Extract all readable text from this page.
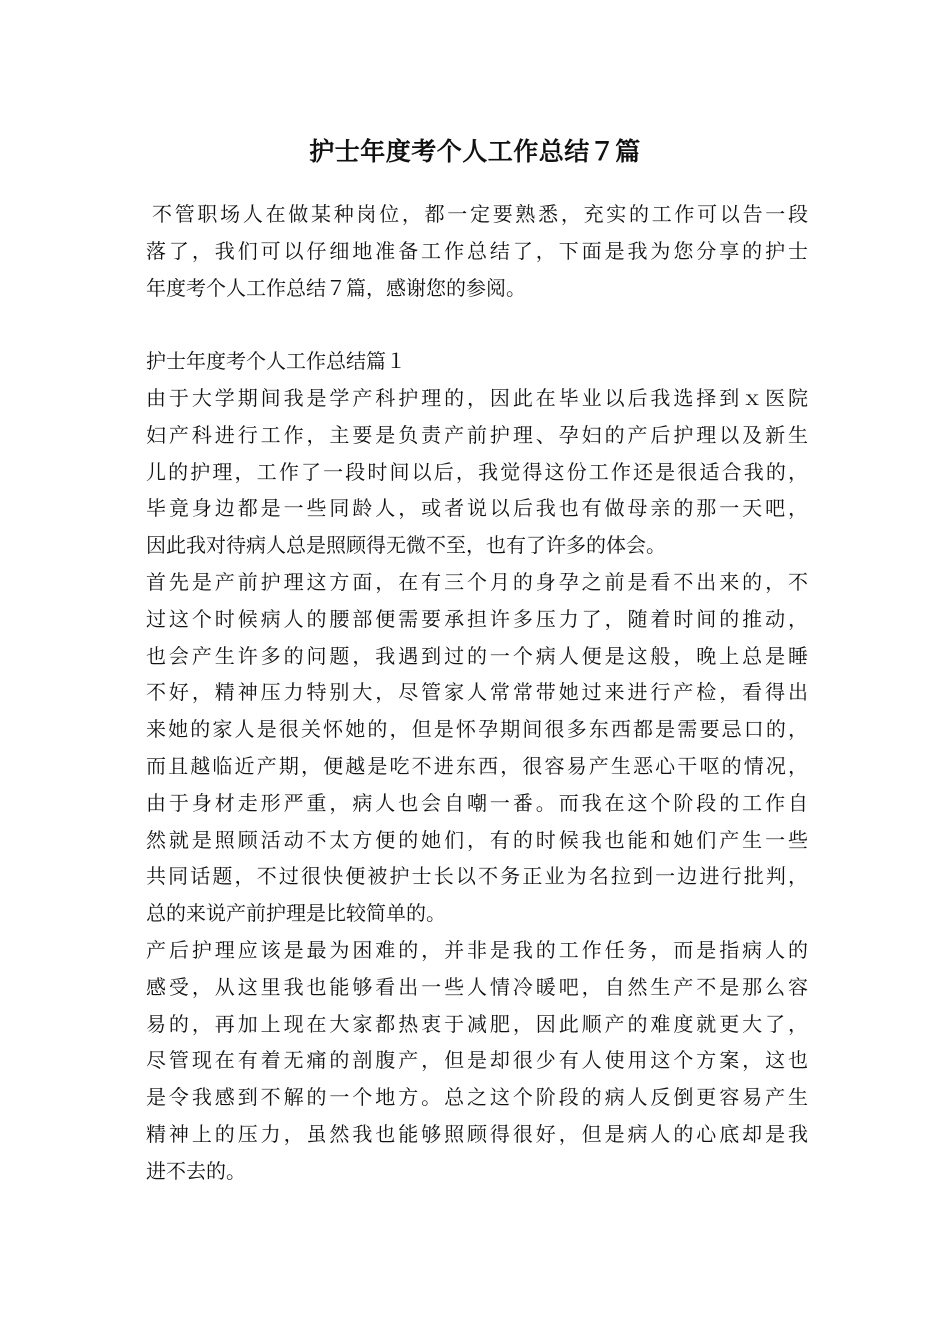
护士年度考个人工作总结７篇
不管职场人在做某种岗位，都一定要熟悉，充实的工作可以告一段
落了，我们可以仔细地准备工作总结了，下面是我为您分享的护士
年度考个人工作总结７篇，感谢您的参阅。
护士年度考个人工作总结篇１
由于大学期间我是学产科护理的，因此在毕业以后我选择到ｘ医院
妇产科进行工作，主要是负责产前护理、孕妇的产后护理以及新生
儿的护理，工作了一段时间以后，我觉得这份工作还是很适合我的，
毕竟身边都是一些同龄人，或者说以后我也有做母亲的那一天吧，
因此我对待病人总是照顾得无微不至，也有了许多的体会。
首先是产前护理这方面，在有三个月的身孕之前是看不出来的，不
过这个时候病人的腰部便需要承担许多压力了，随着时间的推动，
也会产生许多的问题，我遇到过的一个病人便是这般，晚上总是睡
不好，精神压力特别大，尽管家人常常带她过来进行产检，看得出
来她的家人是很关怀她的，但是怀孕期间很多东西都是需要忌口的，
而且越临近产期，便越是吃不进东西，很容易产生恶心干呕的情况，
由于身材走形严重，病人也会自嘲一番。而我在这个阶段的工作自
然就是照顾活动不太方便的她们，有的时候我也能和她们产生一些
共同话题，不过很快便被护士长以不务正业为名拉到一边进行批判，
总的来说产前护理是比较简单的。
产后护理应该是最为困难的，并非是我的工作任务，而是指病人的
感受，从这里我也能够看出一些人情冷暖吧，自然生产不是那么容
易的，再加上现在大家都热衷于减肥，因此顺产的难度就更大了，
尽管现在有着无痛的剖腹产，但是却很少有人使用这个方案，这也
是令我感到不解的一个地方。总之这个阶段的病人反倒更容易产生
精神上的压力，虽然我也能够照顾得很好，但是病人的心底却是我
进不去的。
